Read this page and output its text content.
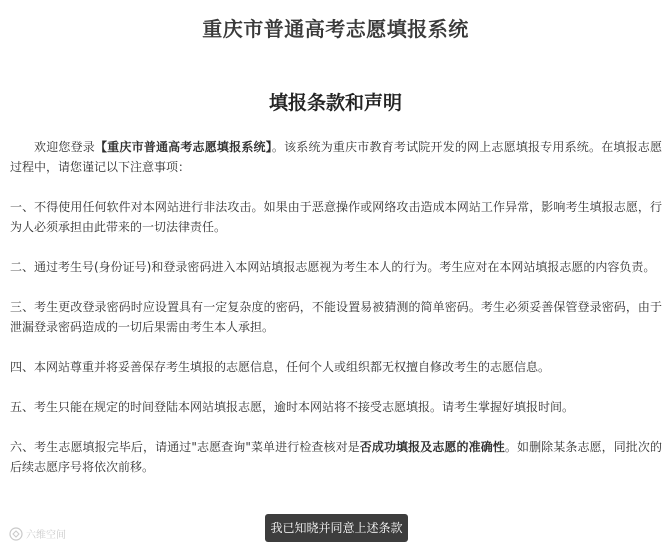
重庆市普通高考志愿填报系统
填报条款和声明

欢迎您登录【重庆市普通高考志愿填报系统】。该系统为重庆市教育考试院开发的网上志愿填报专用系统。在填报志愿过程中，请您谨记以下注意事项：

一、不得使用任何软件对本网站进行非法攻击。如果由于恶意操作或网络攻击造成本网站工作异常，影响考生填报志愿，行为人必须承担由此带来的一切法律责任。

二、通过考生号(身份证号)和登录密码进入本网站填报志愿视为考生本人的行为。考生应对在本网站填报志愿的内容负责。

三、考生更改登录密码时应设置具有一定复杂度的密码，不能设置易被猜测的简单密码。考生必须妥善保管登录密码，由于泄漏登录密码造成的一切后果需由考生本人承担。

四、本网站尊重并将妥善保存考生填报的志愿信息，任何个人或组织都无权擅自修改考生的志愿信息。

五、考生只能在规定的时间登陆本网站填报志愿，逾时本网站将不接受志愿填报。请考生掌握好填报时间。

六、考生志愿填报完毕后，请通过"志愿查询"菜单进行检查核对是否成功填报及志愿的准确性。如删除某条志愿，同批次的后续志愿序号将依次前移。

我已知晓并同意上述条款
六维空间
